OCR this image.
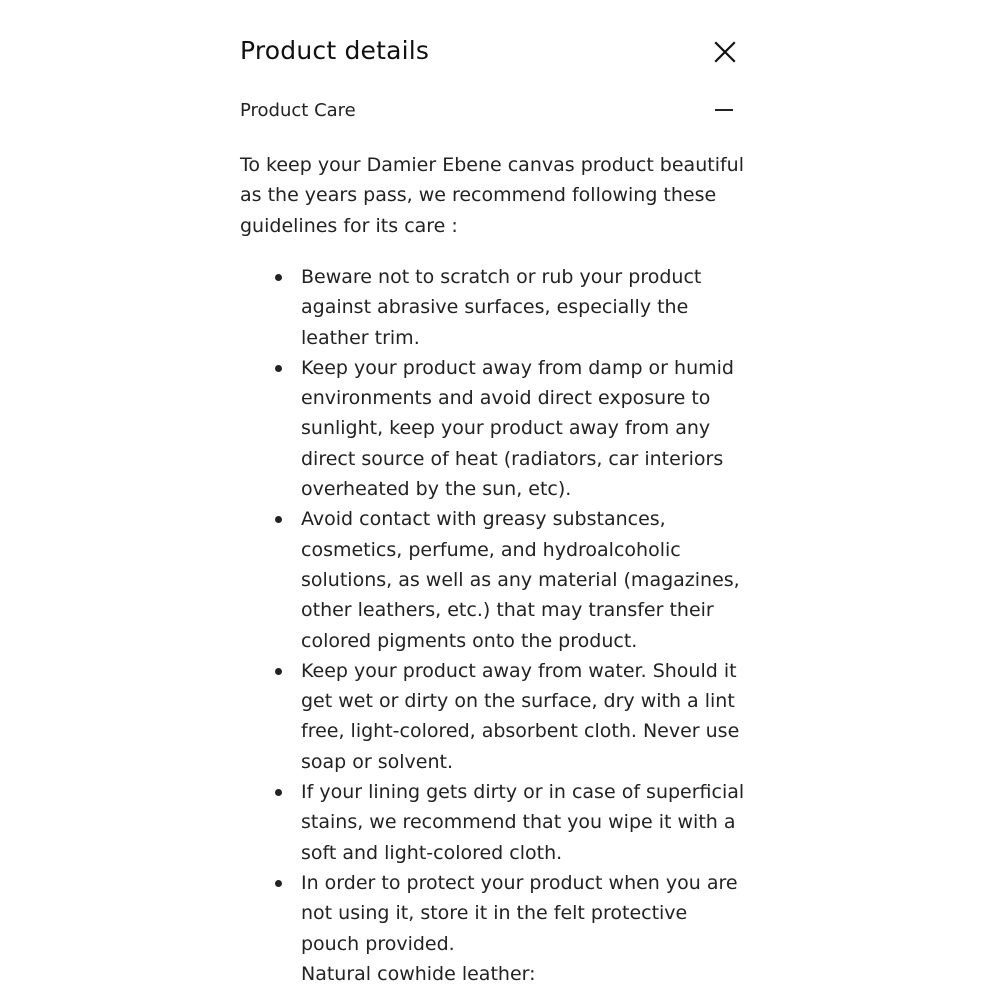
Product details
Product Care

To keep your Damier Ebene canvas product beautiful as the years pass, we recommend following these guidelines for its care :

Beware not to scratch or rub your product against abrasive surfaces, especially the leather trim.
Keep your product away from damp or humid environments and avoid direct exposure to sunlight, keep your product away from any direct source of heat (radiators, car interiors overheated by the sun, etc).
Avoid contact with greasy substances, cosmetics, perfume, and hydroalcoholic solutions, as well as any material (magazines, other leathers, etc.) that may transfer their colored pigments onto the product.
Keep your product away from water. Should it get wet or dirty on the surface, dry with a lint free, light-colored, absorbent cloth. Never use soap or solvent.
If your lining gets dirty or in case of superficial stains, we recommend that you wipe it with a soft and light-colored cloth.
In order to protect your product when you are not using it, store it in the felt protective pouch provided.
Natural cowhide leather:
